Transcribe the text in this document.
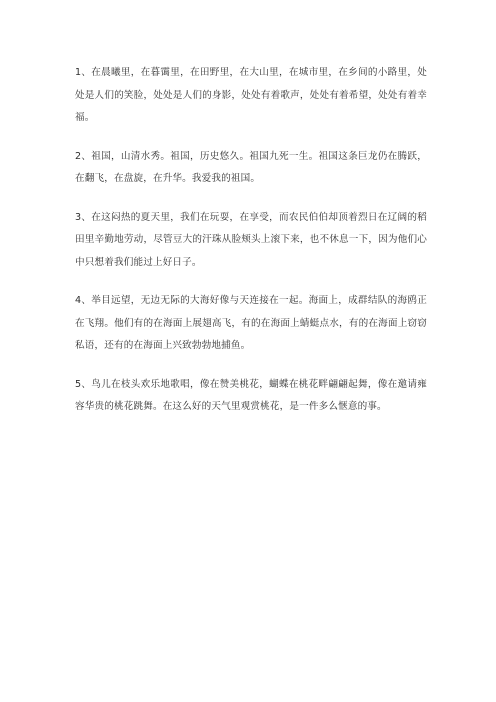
1、在晨曦里，在暮霭里，在田野里，在大山里，在城市里，在乡间的小路里，处处是人们的笑脸，处处是人们的身影，处处有着歌声，处处有着希望，处处有着幸福。

2、祖国，山清水秀。祖国，历史悠久。祖国九死一生。祖国这条巨龙仍在腾跃，在翻飞，在盘旋，在升华。我爱我的祖国。

3、在这闷热的夏天里，我们在玩耍，在享受，而农民伯伯却顶着烈日在辽阔的稻田里辛勤地劳动，尽管豆大的汗珠从脸颊头上滚下来，也不休息一下，因为他们心中只想着我们能过上好日子。

4、举目远望，无边无际的大海好像与天连接在一起。海面上，成群结队的海鸥正在飞翔。他们有的在海面上展翅高飞，有的在海面上蜻蜓点水，有的在海面上窃窃私语，还有的在海面上兴致勃勃地捕鱼。

5、鸟儿在枝头欢乐地歌唱，像在赞美桃花，蝴蝶在桃花畔翩翩起舞，像在邀请雍容华贵的桃花跳舞。在这么好的天气里观赏桃花，是一件多么惬意的事。
